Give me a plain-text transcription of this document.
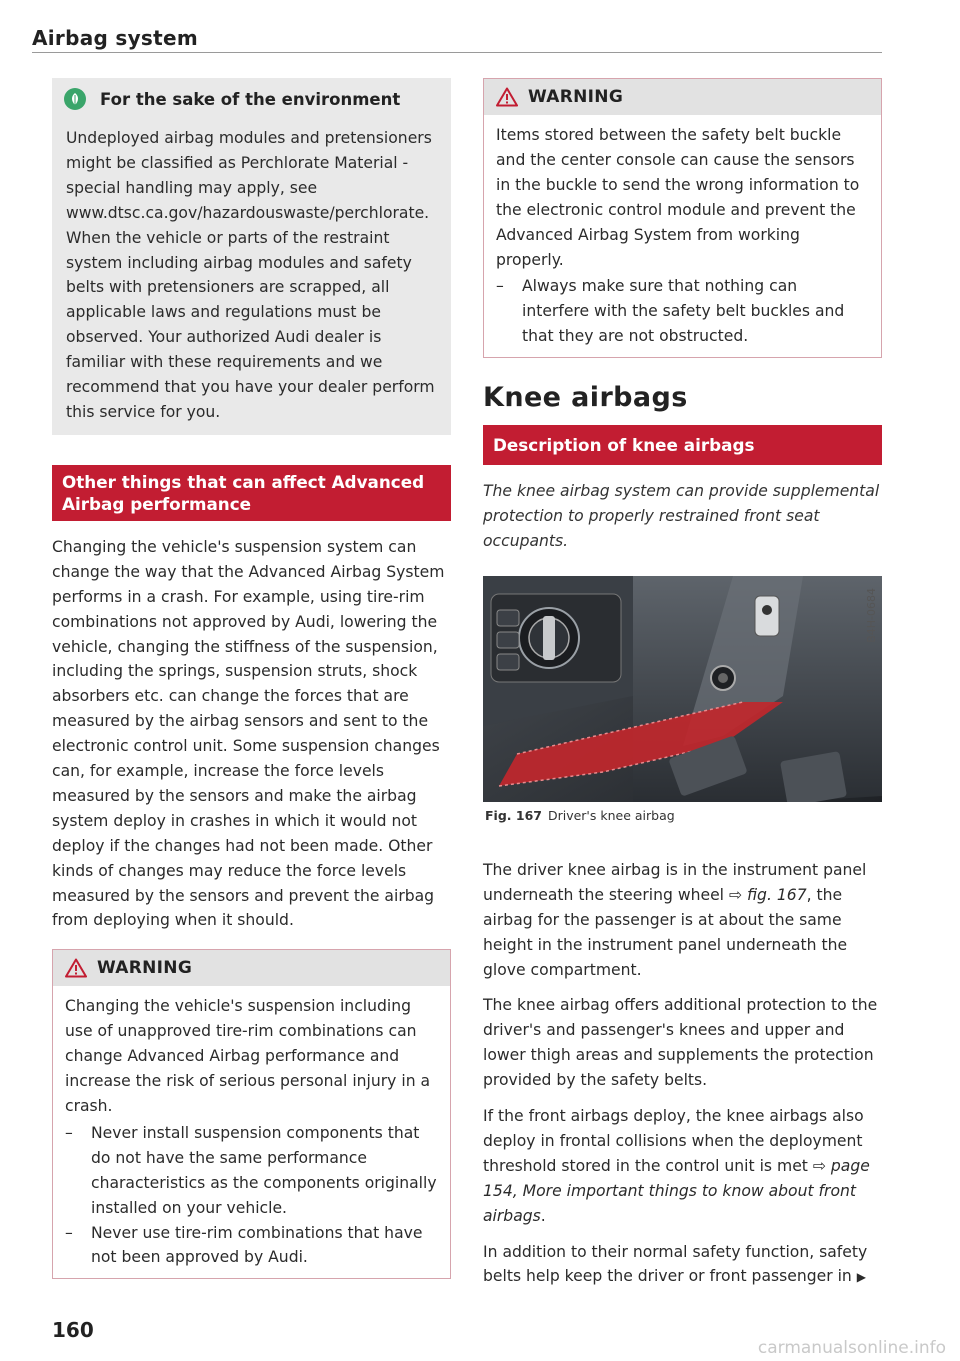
Airbag system
For the sake of the environment
Undeployed airbag modules and pretensioners might be classified as Perchlorate Material - special handling may apply, see www.dtsc.ca.gov/hazardouswaste/perchlorate. When the vehicle or parts of the restraint system including airbag modules and safety belts with pretensioners are scrapped, all applicable laws and regulations must be observed. Your authorized Audi dealer is familiar with these requirements and we recommend that you have your dealer perform this service for you.
Other things that can affect Advanced Airbag performance

Changing the vehicle's suspension system can change the way that the Advanced Airbag System performs in a crash. For example, using tire-rim combinations not approved by Audi, lowering the vehicle, changing the stiffness of the suspension, including the springs, suspension struts, shock absorbers etc. can change the forces that are measured by the airbag sensors and sent to the electronic control unit. Some suspension changes can, for example, increase the force levels measured by the sensors and make the airbag system deploy in crashes in which it would not deploy if the changes had not been made. Other kinds of changes may reduce the force levels measured by the sensors and prevent the airbag from deploying when it should.

WARNING
Changing the vehicle's suspension including use of unapproved tire-rim combinations can change Advanced Airbag performance and increase the risk of serious personal injury in a crash.
– Never install suspension components that do not have the same performance characteristics as the components originally installed on your vehicle.
– Never use tire-rim combinations that have not been approved by Audi.
WARNING
Items stored between the safety belt buckle and the center console can cause the sensors in the buckle to send the wrong information to the electronic control module and prevent the Advanced Airbag System from working properly.
– Always make sure that nothing can interfere with the safety belt buckles and that they are not obstructed.
Knee airbags
Description of knee airbags
The knee airbag system can provide supplemental protection to properly restrained front seat occupants.
B4H-0684
Fig. 167 Driver's knee airbag

The driver knee airbag is in the instrument panel underneath the steering wheel ⇨ fig. 167, the airbag for the passenger is at about the same height in the instrument panel underneath the glove compartment.

The knee airbag offers additional protection to the driver's and passenger's knees and upper and lower thigh areas and supplements the protection provided by the safety belts.

If the front airbags deploy, the knee airbags also deploy in frontal collisions when the deployment threshold stored in the control unit is met ⇨ page 154, More important things to know about front airbags.

In addition to their normal safety function, safety belts help keep the driver or front passenger in ▶

160
carmanualsonline.info
